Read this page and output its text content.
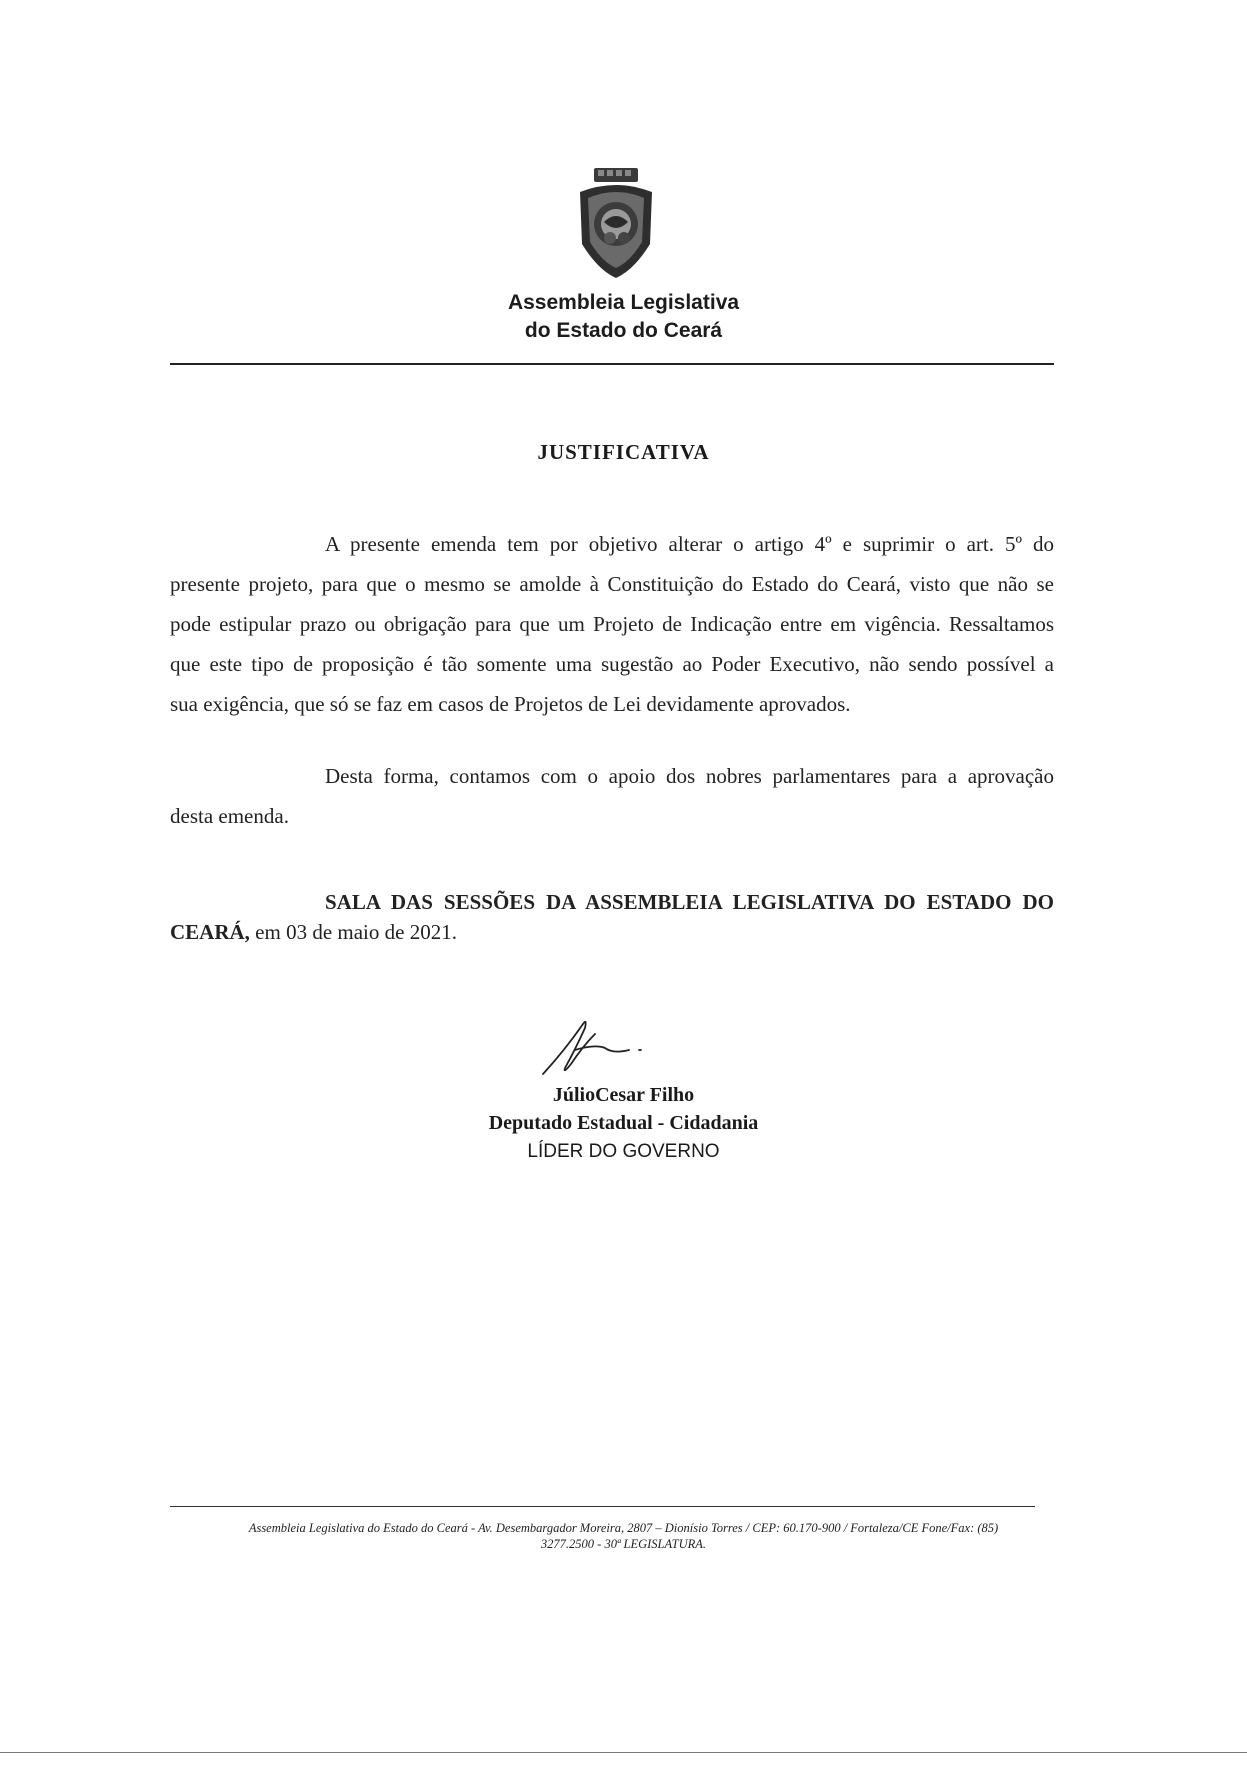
Assembleia Legislativa
do Estado do Ceará
JUSTIFICATIVA
A presente emenda tem por objetivo alterar o artigo 4º e suprimir o art. 5º do
presente projeto, para que o mesmo se amolde à Constituição do Estado do Ceará, visto que não se
pode estipular prazo ou obrigação para que um Projeto de Indicação entre em vigência. Ressaltamos
que este tipo de proposição é tão somente uma sugestão ao Poder Executivo, não sendo possível a
sua exigência, que só se faz em casos de Projetos de Lei devidamente aprovados.
Desta forma, contamos com o apoio dos nobres parlamentares para a aprovação
desta emenda.
SALA DAS SESSÕES DA ASSEMBLEIA LEGISLATIVA DO ESTADO DO
CEARÁ, em 03 de maio de 2021.
JúlioCesar Filho
Deputado Estadual - Cidadania
LÍDER DO GOVERNO
Assembleia Legislativa do Estado do Ceará - Av. Desembargador Moreira, 2807 – Dionísio Torres / CEP: 60.170-900 / Fortaleza/CE Fone/Fax: (85)
3277.2500 - 30ª LEGISLATURA.
